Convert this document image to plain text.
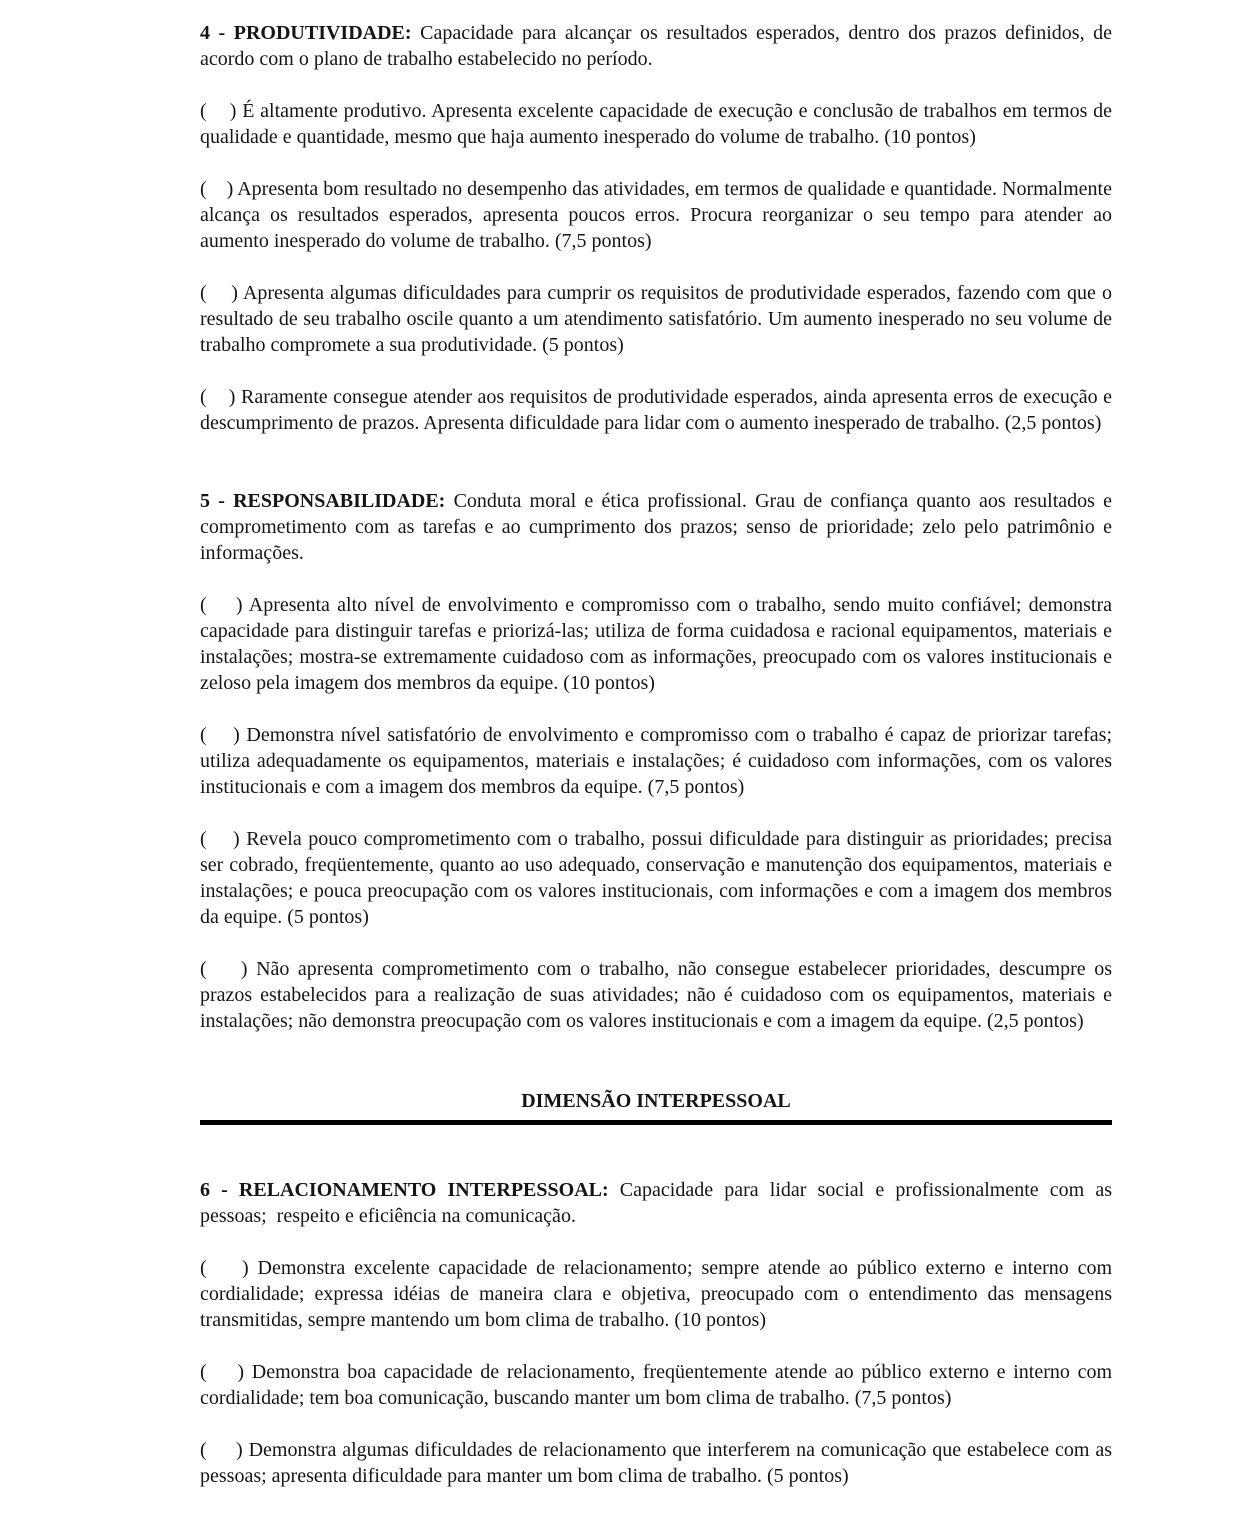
4 - PRODUTIVIDADE: Capacidade para alcançar os resultados esperados, dentro dos prazos definidos, de acordo com o plano de trabalho estabelecido no período.

(    ) É altamente produtivo. Apresenta excelente capacidade de execução e conclusão de trabalhos em termos de qualidade e quantidade, mesmo que haja aumento inesperado do volume de trabalho. (10 pontos)

(    ) Apresenta bom resultado no desempenho das atividades, em termos de qualidade e quantidade. Normalmente alcança os resultados esperados, apresenta poucos erros. Procura reorganizar o seu tempo para atender ao aumento inesperado do volume de trabalho. (7,5 pontos)

(    ) Apresenta algumas dificuldades para cumprir os requisitos de produtividade esperados, fazendo com que o resultado de seu trabalho oscile quanto a um atendimento satisfatório. Um aumento inesperado no seu volume de trabalho compromete a sua produtividade. (5 pontos)

(    ) Raramente consegue atender aos requisitos de produtividade esperados, ainda apresenta erros de execução e descumprimento de prazos. Apresenta dificuldade para lidar com o aumento inesperado de trabalho. (2,5 pontos)

5 - RESPONSABILIDADE: Conduta moral e ética profissional. Grau de confiança quanto aos resultados e comprometimento com as tarefas e ao cumprimento dos prazos; senso de prioridade; zelo pelo patrimônio e informações.

(    ) Apresenta alto nível de envolvimento e compromisso com o trabalho, sendo muito confiável; demonstra capacidade para distinguir tarefas e priorizá-las; utiliza de forma cuidadosa e racional equipamentos, materiais e instalações; mostra-se extremamente cuidadoso com as informações, preocupado com os valores institucionais e zeloso pela imagem dos membros da equipe. (10 pontos)

(    ) Demonstra nível satisfatório de envolvimento e compromisso com o trabalho é capaz de priorizar tarefas; utiliza adequadamente os equipamentos, materiais e instalações; é cuidadoso com informações, com os valores institucionais e com a imagem dos membros da equipe. (7,5 pontos)

(    ) Revela pouco comprometimento com o trabalho, possui dificuldade para distinguir as prioridades; precisa ser cobrado, freqüentemente, quanto ao uso adequado, conservação e manutenção dos equipamentos, materiais e instalações; e pouca preocupação com os valores institucionais, com informações e com a imagem dos membros da equipe. (5 pontos)

(    ) Não apresenta comprometimento com o trabalho, não consegue estabelecer prioridades, descumpre os prazos estabelecidos para a realização de suas atividades; não é cuidadoso com os equipamentos, materiais e instalações; não demonstra preocupação com os valores institucionais e com a imagem da equipe. (2,5 pontos)

DIMENSÃO INTERPESSOAL

6 - RELACIONAMENTO INTERPESSOAL: Capacidade para lidar social e profissionalmente com as pessoas;  respeito e eficiência na comunicação.

(    ) Demonstra excelente capacidade de relacionamento; sempre atende ao público externo e interno com cordialidade; expressa idéias de maneira clara e objetiva, preocupado com o entendimento das mensagens transmitidas, sempre mantendo um bom clima de trabalho. (10 pontos)

(    ) Demonstra boa capacidade de relacionamento, freqüentemente atende ao público externo e interno com cordialidade; tem boa comunicação, buscando manter um bom clima de trabalho. (7,5 pontos)

(     ) Demonstra algumas dificuldades de relacionamento que interferem na comunicação que estabelece com as pessoas; apresenta dificuldade para manter um bom clima de trabalho. (5 pontos)
